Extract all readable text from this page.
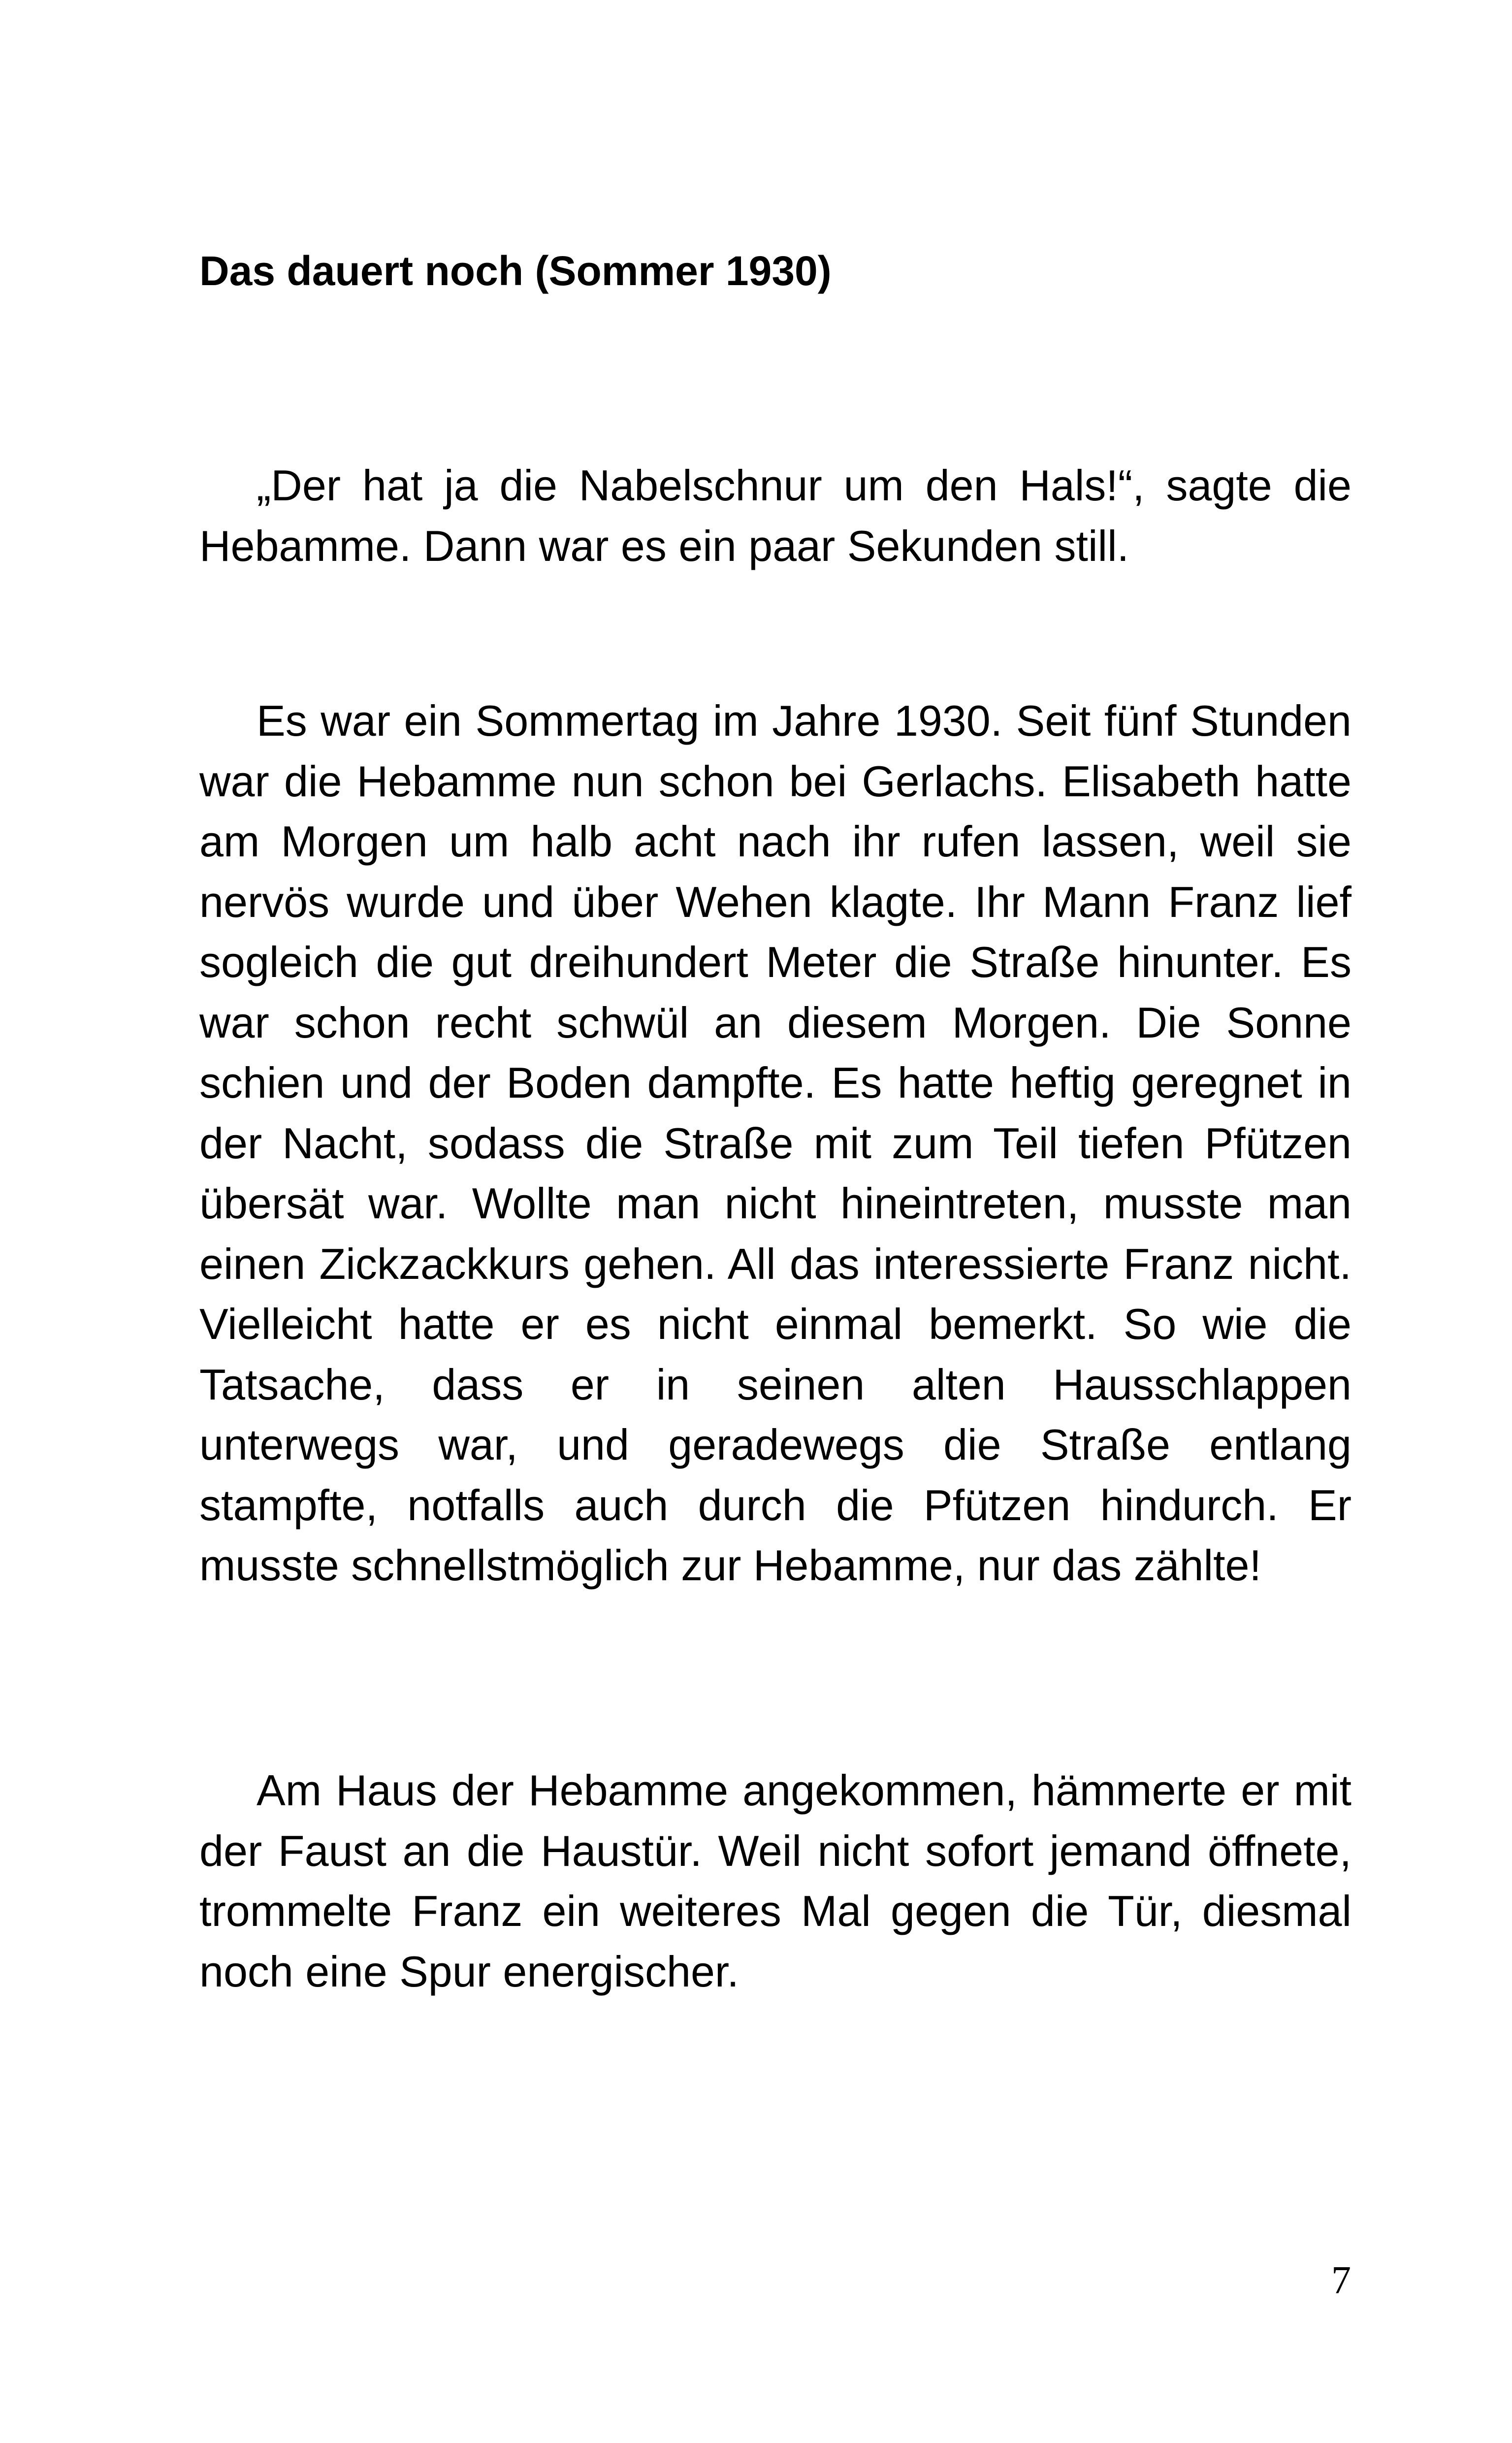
Das dauert noch (Sommer 1930)

„Der hat ja die Nabelschnur um den Hals!“, sagte die Hebamme. Dann war es ein paar Sekunden still.

Es war ein Sommertag im Jahre 1930. Seit fünf Stunden war die Hebamme nun schon bei Gerlachs. Elisabeth hatte am Morgen um halb acht nach ihr rufen lassen, weil sie nervös wurde und über Wehen klagte. Ihr Mann Franz lief sogleich die gut dreihundert Meter die Straße hinunter. Es war schon recht schwül an diesem Morgen. Die Sonne schien und der Boden dampfte. Es hatte heftig geregnet in der Nacht, sodass die Straße mit zum Teil tiefen Pfützen übersät war. Wollte man nicht hineintreten, musste man einen Zickzackkurs gehen. All das interessierte Franz nicht. Vielleicht hatte er es nicht einmal bemerkt. So wie die Tatsache, dass er in seinen alten Hausschlappen unterwegs war, und geradewegs die Straße entlang stampfte, notfalls auch durch die Pfützen hindurch. Er musste schnellstmöglich zur Hebamme, nur das zählte!

Am Haus der Hebamme angekommen, hämmerte er mit der Faust an die Haustür. Weil nicht sofort jemand öffnete, trommelte Franz ein weiteres Mal gegen die Tür, diesmal noch eine Spur energischer.

7
